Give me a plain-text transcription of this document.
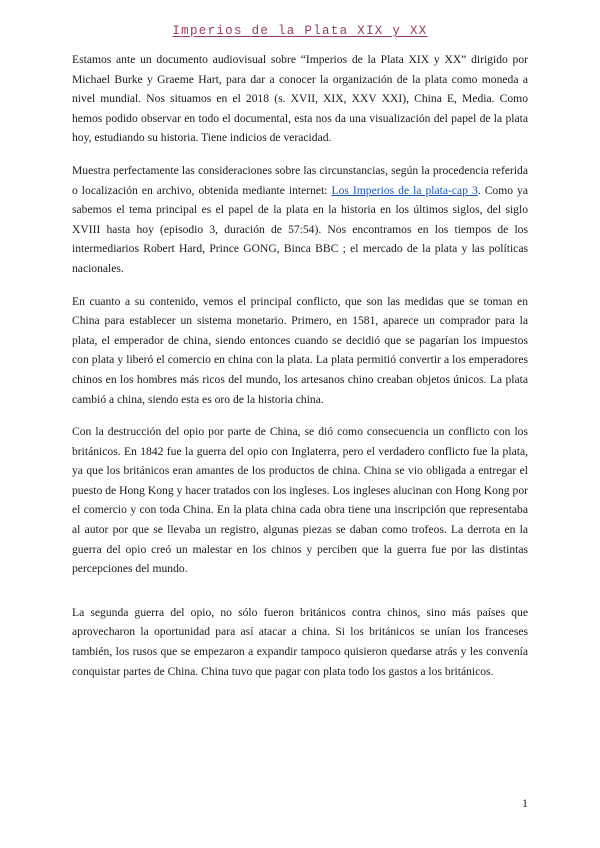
Imperios de la Plata XIX y XX

Estamos ante un documento audiovisual sobre “Imperios de la Plata XIX y XX” dirigido por Michael Burke y Graeme Hart, para dar a conocer la organización de la plata como moneda a nivel mundial. Nos situamos en el 2018 (s. XVII, XIX, XXV XXI), China E, Media. Como hemos podido observar en todo el documental, esta nos da una visualización del papel de la plata hoy, estudiando su historia. Tiene indicios de veracidad.

Muestra perfectamente las consideraciones sobre las circunstancias, según la procedencia referida o localización en archivo, obtenida mediante internet: Los Imperios de la plata-cap 3. Como ya sabemos el tema principal es el papel de la plata en la historia en los últimos siglos, del siglo XVIII hasta hoy (episodio 3, duración de 57:54). Nos encontramos en los tiempos de los intermediarios Robert Hard, Prince GONG, Binca BBC ; el mercado de la plata y las políticas nacionales.

En cuanto a su contenido, vemos el principal conflicto, que son las medidas que se toman en China para establecer un sistema monetario. Primero, en 1581, aparece un comprador para la plata, el emperador de china, siendo entonces cuando se decidió que se pagarían los impuestos con plata y liberó el comercio en china con la plata. La plata permitió convertir a los emperadores chinos en los hombres más ricos del mundo, los artesanos chino creaban objetos únicos. La plata cambió a china, siendo esta es oro de la historia china.

Con la destrucción del opio por parte de China, se dió como consecuencia un conflicto con los británicos. En 1842 fue la guerra del opio con Inglaterra, pero el verdadero conflicto fue la plata, ya que los británicos eran amantes de los productos de china. China se vio obligada a entregar el puesto de Hong Kong y hacer tratados con los ingleses. Los ingleses alucinan con Hong Kong por el comercio y con toda China. En la plata china cada obra tiene una inscripción que representaba al autor por que se llevaba un registro, algunas piezas se daban como trofeos. La derrota en la guerra del opio creó un malestar en los chinos y perciben que la guerra fue por las distintas percepciones del mundo.

La segunda guerra del opio, no sólo fueron británicos contra chinos, sino más países que aprovecharon la oportunidad para así atacar a china. Si los británicos se unían los franceses también, los rusos que se empezaron a expandir tampoco quisieron quedarse atrás y les convenía conquistar partes de China. China tuvo que pagar con plata todo los gastos a los británicos.

1
